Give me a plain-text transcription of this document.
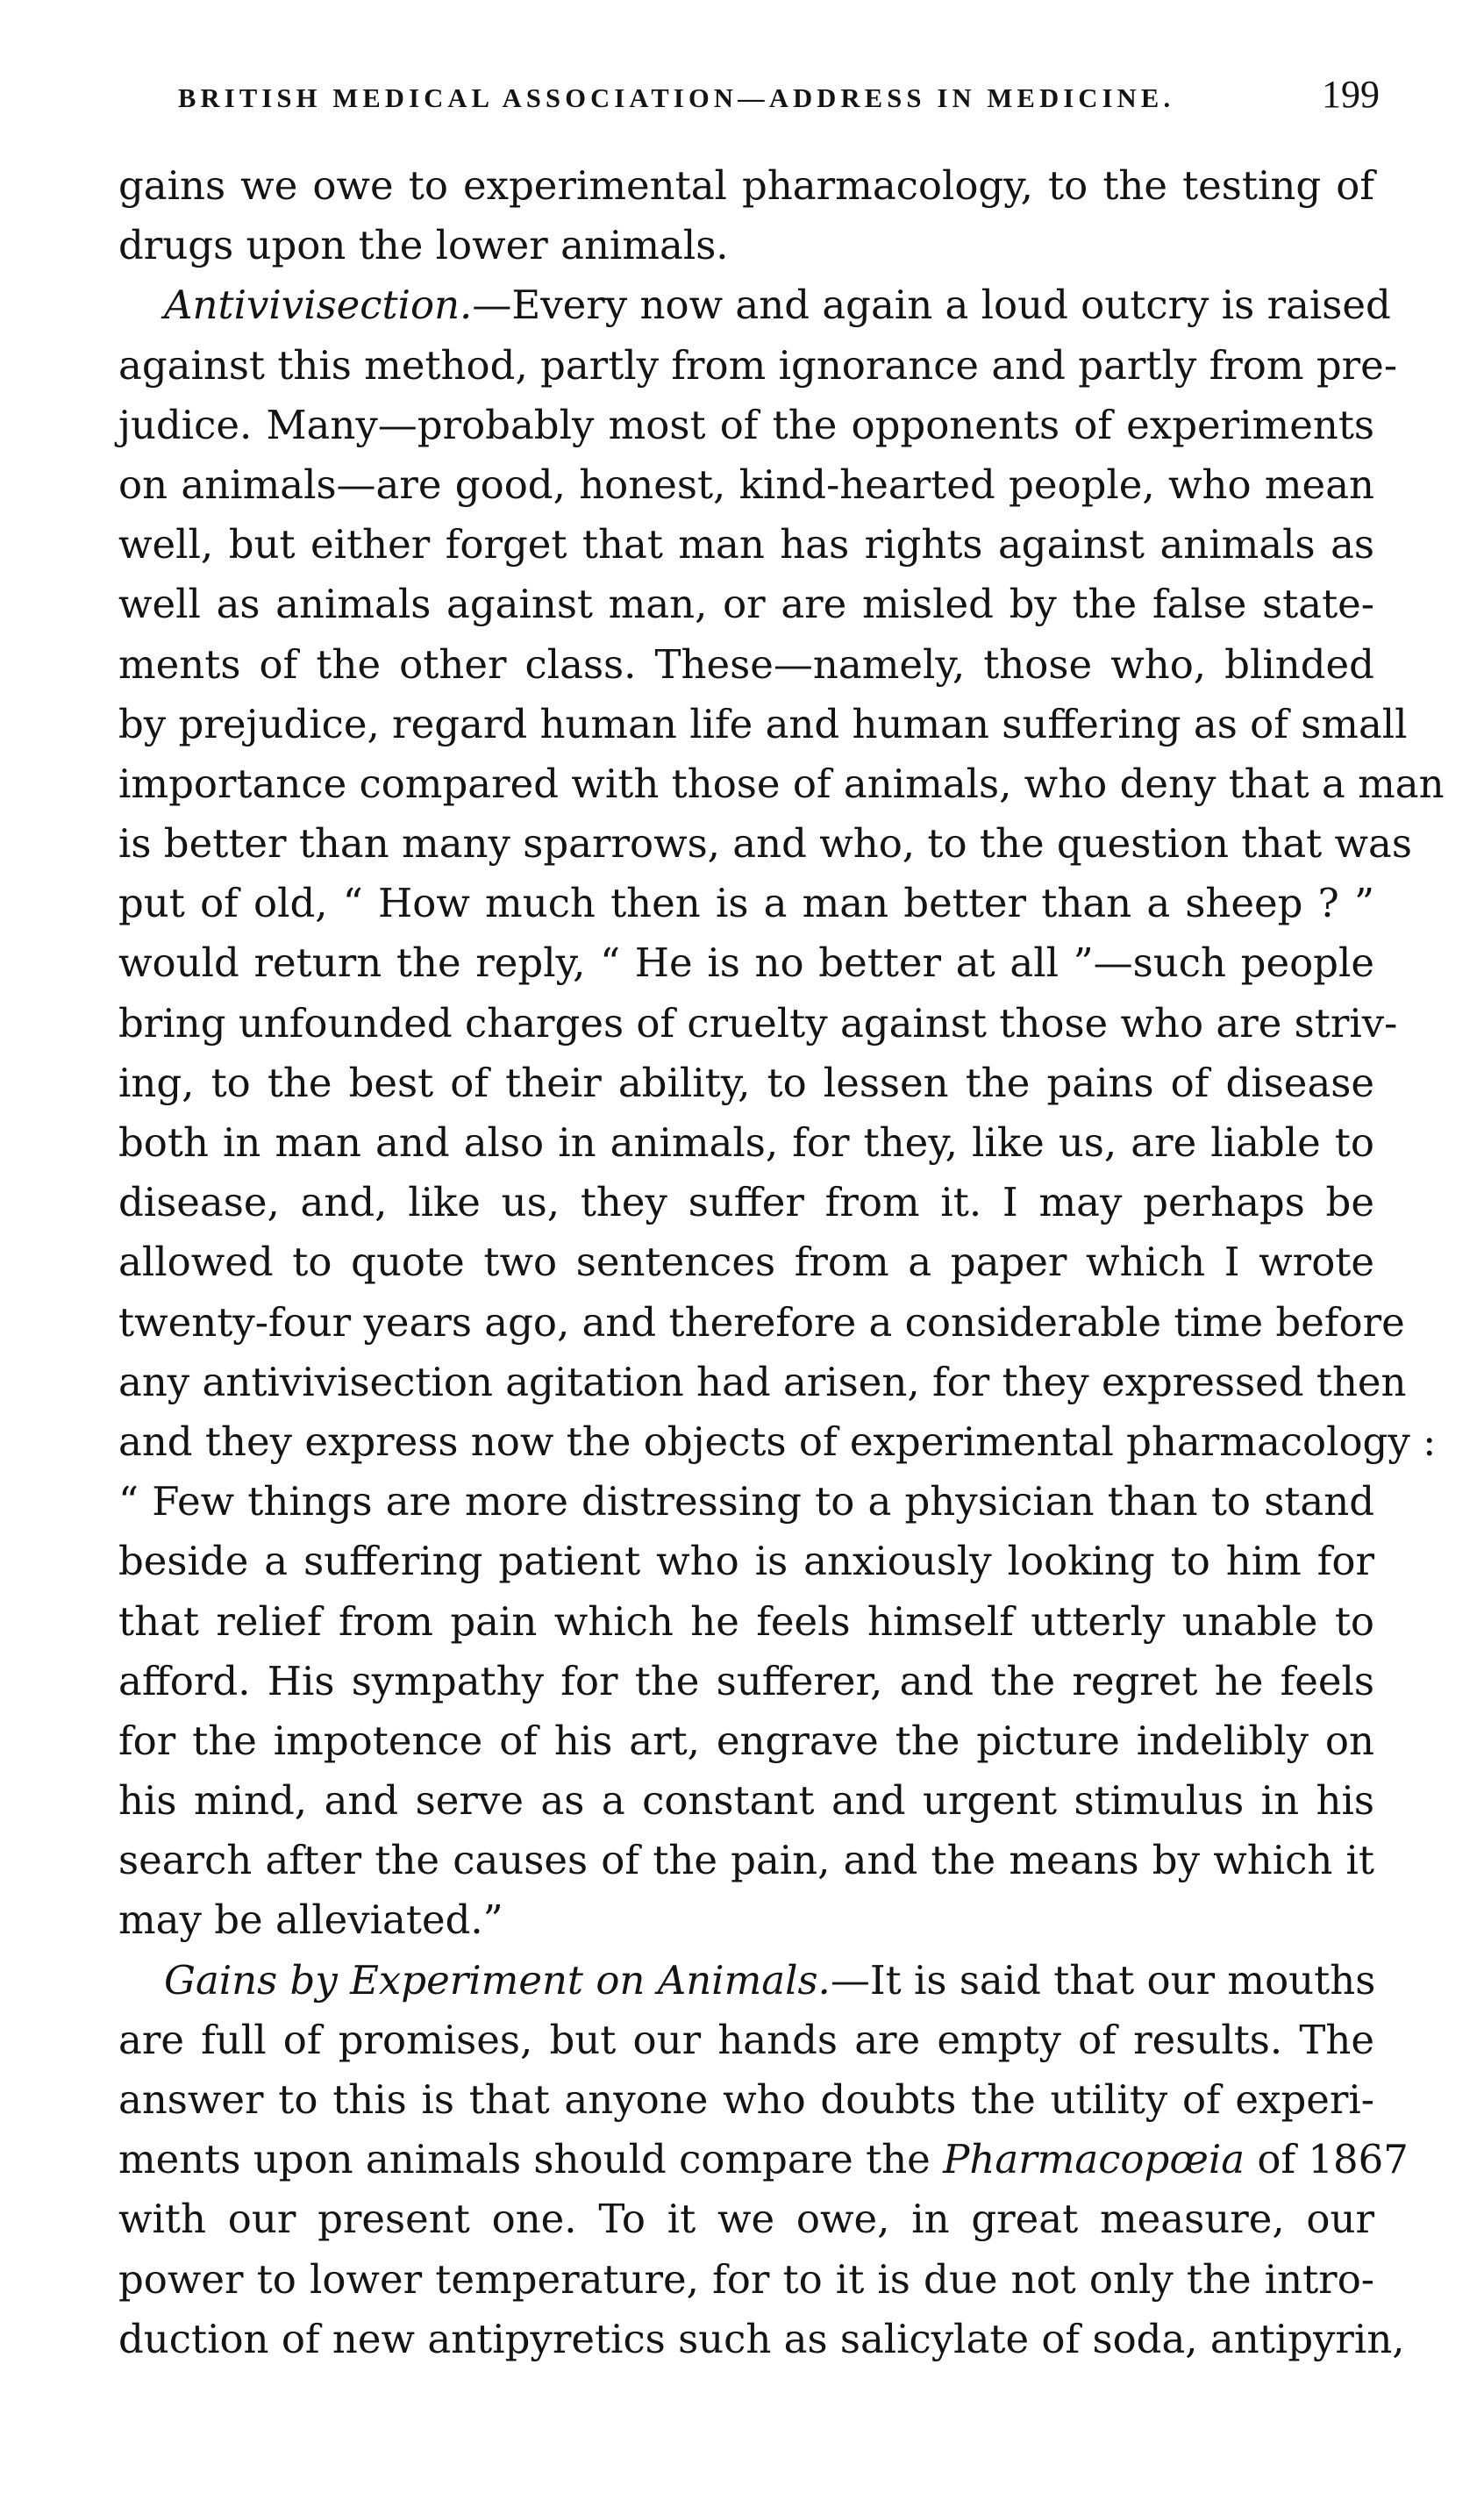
BRITISH MEDICAL ASSOCIATION—ADDRESS IN MEDICINE.	199
gains we owe to experimental pharmacology, to the testing of
drugs upon the lower animals.
Antivivisection.—Every now and again a loud outcry is raised
against this method, partly from ignorance and partly from pre-
judice. Many—probably most of the opponents of experiments
on animals—are good, honest, kind-hearted people, who mean
well, but either forget that man has rights against animals as
well as animals against man, or are misled by the false state-
ments of the other class. These—namely, those who, blinded
by prejudice, regard human life and human suffering as of small
importance compared with those of animals, who deny that a man
is better than many sparrows, and who, to the question that was
put of old, “ How much then is a man better than a sheep ? ”
would return the reply, “ He is no better at all ”—such people
bring unfounded charges of cruelty against those who are striv-
ing, to the best of their ability, to lessen the pains of disease
both in man and also in animals, for they, like us, are liable to
disease, and, like us, they suffer from it. I may perhaps be
allowed to quote two sentences from a paper which I wrote
twenty-four years ago, and therefore a considerable time before
any antivivisection agitation had arisen, for they expressed then
and they express now the objects of experimental pharmacology :
“ Few things are more distressing to a physician than to stand
beside a suffering patient who is anxiously looking to him for
that relief from pain which he feels himself utterly unable to
afford. His sympathy for the sufferer, and the regret he feels
for the impotence of his art, engrave the picture indelibly on
his mind, and serve as a constant and urgent stimulus in his
search after the causes of the pain, and the means by which it
may be alleviated.”
Gains by Experiment on Animals.—It is said that our mouths
are full of promises, but our hands are empty of results. The
answer to this is that anyone who doubts the utility of experi-
ments upon animals should compare the Pharmacopœia of 1867
with our present one. To it we owe, in great measure, our
power to lower temperature, for to it is due not only the intro-
duction of new antipyretics such as salicylate of soda, antipyrin,
